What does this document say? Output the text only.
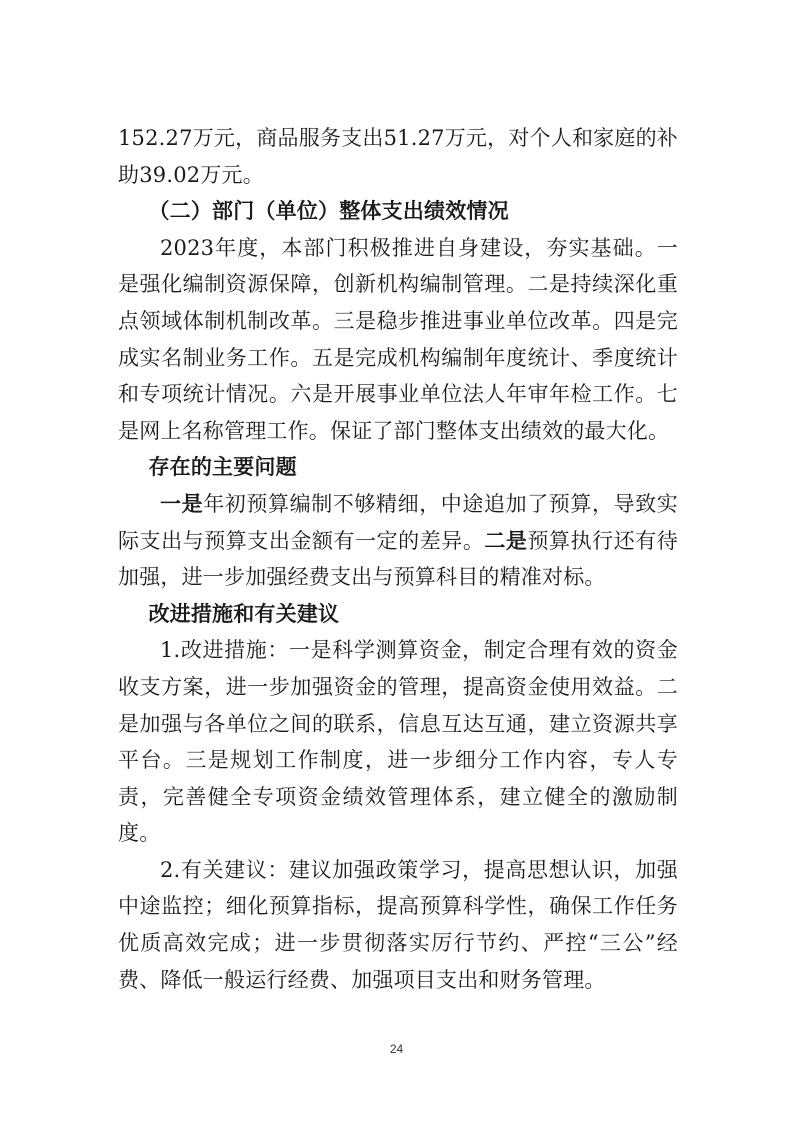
152.27万元，商品服务支出51.27万元，对个人和家庭的补助39.02万元。

（二）部门（单位）整体支出绩效情况

2023年度，本部门积极推进自身建设，夯实基础。一是强化编制资源保障，创新机构编制管理。二是持续深化重点领域体制机制改革。三是稳步推进事业单位改革。四是完成实名制业务工作。五是完成机构编制年度统计、季度统计和专项统计情况。六是开展事业单位法人年审年检工作。七是网上名称管理工作。保证了部门整体支出绩效的最大化。

存在的主要问题

一是年初预算编制不够精细，中途追加了预算，导致实际支出与预算支出金额有一定的差异。二是预算执行还有待加强，进一步加强经费支出与预算科目的精准对标。

改进措施和有关建议

1.改进措施：一是科学测算资金，制定合理有效的资金收支方案，进一步加强资金的管理，提高资金使用效益。二是加强与各单位之间的联系，信息互达互通，建立资源共享平台。三是规划工作制度，进一步细分工作内容，专人专责，完善健全专项资金绩效管理体系，建立健全的激励制度。

2.有关建议：建议加强政策学习，提高思想认识，加强中途监控；细化预算指标，提高预算科学性，确保工作任务优质高效完成；进一步贯彻落实厉行节约、严控“三公”经费、降低一般运行经费、加强项目支出和财务管理。

24
